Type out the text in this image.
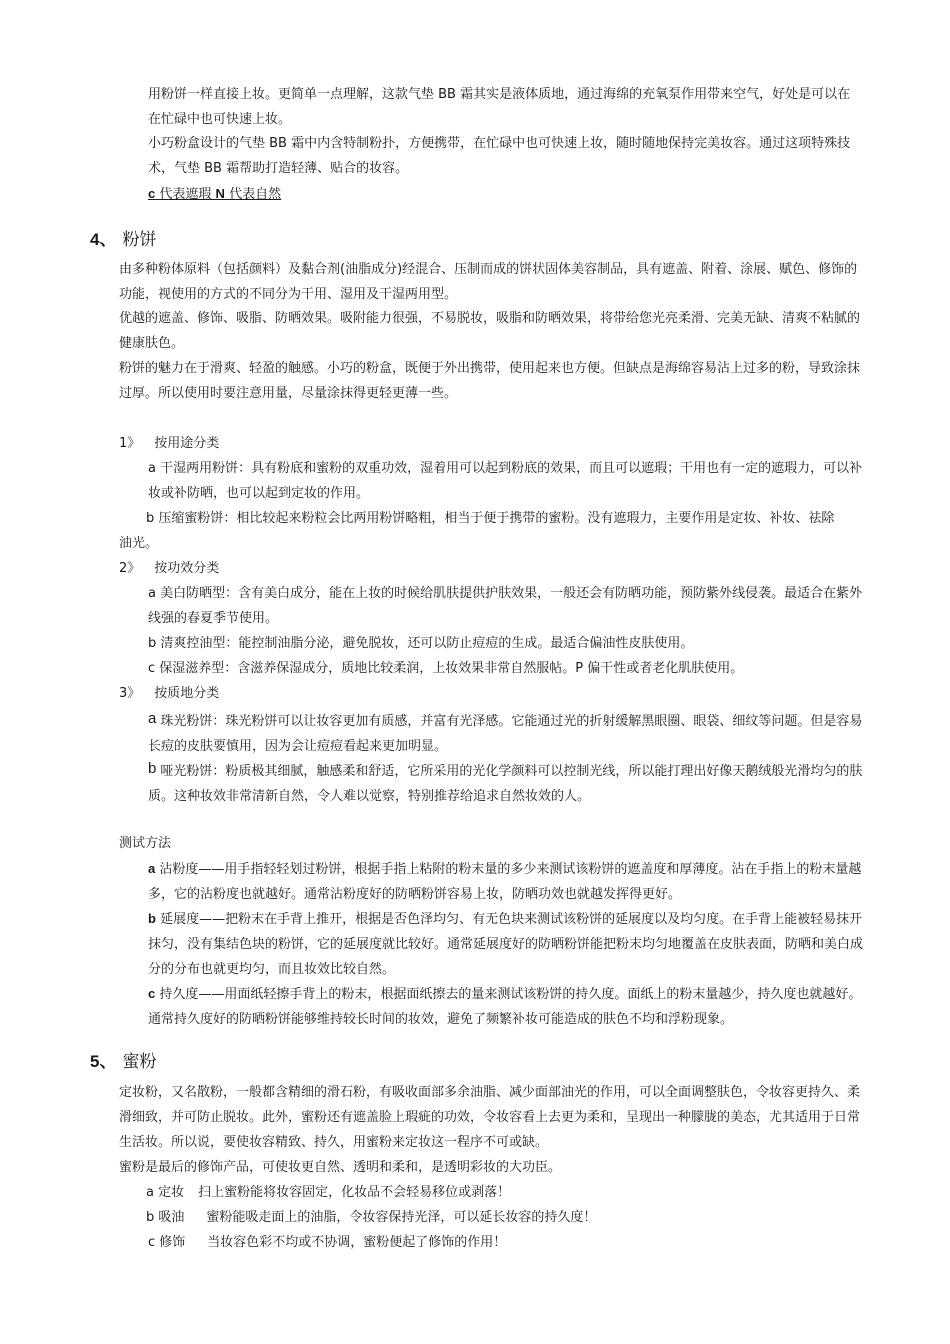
用粉饼一样直接上妆。更简单一点理解，这款气垫 BB 霜其实是液体质地，通过海绵的充氧泵作用带来空气，好处是可以在在忙碌中也可快速上妆。
小巧粉盒设计的气垫 BB 霜中内含特制粉扑，方便携带，在忙碌中也可快速上妆，随时随地保持完美妆容。通过这项特殊技术，气垫 BB 霜帮助打造轻薄、贴合的妆容。
c 代表遮瑕 N 代表自然
4、 粉饼
由多种粉体原料（包括颜料）及黏合剂(油脂成分)经混合、压制而成的饼状固体美容制品，具有遮盖、附着、涂展、赋色、修饰的功能，视使用的方式的不同分为干用、湿用及干湿两用型。
优越的遮盖、修饰、吸脂、防晒效果。吸附能力很强，不易脱妆，吸脂和防晒效果，将带给您光亮柔滑、完美无缺、清爽不粘腻的健康肤色。
粉饼的魅力在于滑爽、轻盈的触感。小巧的粉盒，既便于外出携带，使用起来也方便。但缺点是海绵容易沾上过多的粉，导致涂抹过厚。所以使用时要注意用量，尽量涂抹得更轻更薄一些。
1》 按用途分类
a 干湿两用粉饼：具有粉底和蜜粉的双重功效，湿着用可以起到粉底的效果，而且可以遮瑕；干用也有一定的遮瑕力，可以补妆或补防晒，也可以起到定妆的作用。
b 压缩蜜粉饼：相比较起来粉粒会比两用粉饼略粗，相当于便于携带的蜜粉。没有遮瑕力，主要作用是定妆、补妆、祛除
油光。
2》 按功效分类
a 美白防晒型：含有美白成分，能在上妆的时候给肌肤提供护肤效果，一般还会有防晒功能，预防紫外线侵袭。最适合在紫外线强的春夏季节使用。
b 清爽控油型：能控制油脂分泌，避免脱妆，还可以防止痘痘的生成。最适合偏油性皮肤使用。
c 保湿滋养型：含滋养保湿成分，质地比较柔润，上妆效果非常自然服帖。P 偏干性或者老化肌肤使用。
3》 按质地分类
a 珠光粉饼：珠光粉饼可以让妆容更加有质感，并富有光泽感。它能通过光的折射缓解黑眼圈、眼袋、细纹等问题。但是容易长痘的皮肤要慎用，因为会让痘痘看起来更加明显。
b 哑光粉饼：粉质极其细腻，触感柔和舒适，它所采用的光化学颜料可以控制光线，所以能打理出好像天鹅绒般光滑均匀的肤质。这种妆效非常清新自然，令人难以觉察，特别推荐给追求自然妆效的人。
测试方法
a 沾粉度——用手指轻轻划过粉饼，根据手指上粘附的粉末量的多少来测试该粉饼的遮盖度和厚薄度。沾在手指上的粉末量越多，它的沾粉度也就越好。通常沾粉度好的防晒粉饼容易上妆，防晒功效也就越发挥得更好。
b 延展度——把粉末在手背上推开，根据是否色泽均匀、有无色块来测试该粉饼的延展度以及均匀度。在手背上能被轻易抹开抹匀，没有集结色块的粉饼，它的延展度就比较好。通常延展度好的防晒粉饼能把粉末均匀地覆盖在皮肤表面，防晒和美白成分的分布也就更均匀，而且妆效比较自然。
c 持久度——用面纸轻擦手背上的粉末，根据面纸擦去的量来测试该粉饼的持久度。面纸上的粉末量越少，持久度也就越好。通常持久度好的防晒粉饼能够维持较长时间的妆效，避免了频繁补妆可能造成的肤色不均和浮粉现象。
5、 蜜粉
定妆粉，又名散粉，一般都含精细的滑石粉，有吸收面部多余油脂、减少面部油光的作用，可以全面调整肤色，令妆容更持久、柔滑细致，并可防止脱妆。此外，蜜粉还有遮盖脸上瑕疵的功效，令妆容看上去更为柔和，呈现出一种朦胧的美态，尤其适用于日常生活妆。所以说，要使妆容精致、持久，用蜜粉来定妆这一程序不可或缺。
蜜粉是最后的修饰产品，可使妆更自然、透明和柔和，是透明彩妆的大功臣。
a 定妆 扫上蜜粉能将妆容固定，化妆品不会轻易移位或剥落！
b 吸油 蜜粉能吸走面上的油脂，令妆容保持光泽，可以延长妆容的持久度！
c 修饰 当妆容色彩不均或不协调，蜜粉便起了修饰的作用！
